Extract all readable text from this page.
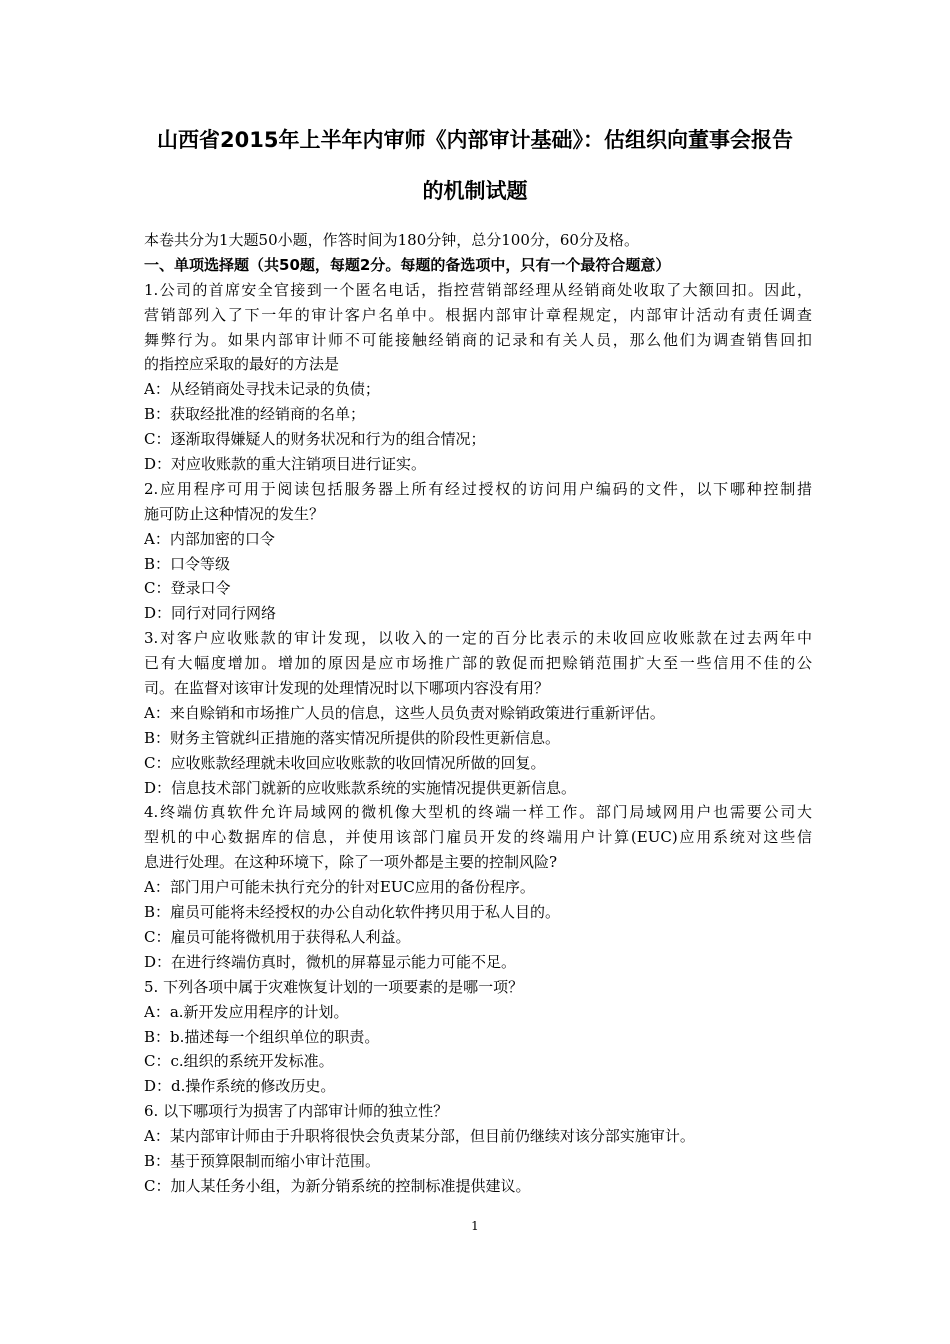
山西省2015年上半年内审师《内部审计基础》：估组织向董事会报告
的机制试题
本卷共分为1大题50小题，作答时间为180分钟，总分100分，60分及格。
一、单项选择题（共50题，每题2分。每题的备选项中，只有一个最符合题意）
1.公司的首席安全官接到一个匿名电话，指控营销部经理从经销商处收取了大额回扣。因此，
营销部列入了下一年的审计客户名单中。根据内部审计章程规定，内部审计活动有责任调查
舞弊行为。如果内部审计师不可能接触经销商的记录和有关人员，那么他们为调查销售回扣
的指控应采取的最好的方法是
A：从经销商处寻找未记录的负债；
B：获取经批准的经销商的名单；
C：逐渐取得嫌疑人的财务状况和行为的组合情况；
D：对应收账款的重大注销项目进行证实。
2.应用程序可用于阅读包括服务器上所有经过授权的访问用户编码的文件，以下哪种控制措
施可防止这种情况的发生？
A：内部加密的口令
B：口令等级
C：登录口令
D：同行对同行网络
3.对客户应收账款的审计发现，以收入的一定的百分比表示的未收回应收账款在过去两年中
已有大幅度增加。增加的原因是应市场推广部的敦促而把赊销范围扩大至一些信用不佳的公
司。在监督对该审计发现的处理情况时以下哪项内容没有用？
A：来自赊销和市场推广人员的信息，这些人员负责对赊销政策进行重新评估。
B：财务主管就纠正措施的落实情况所提供的阶段性更新信息。
C：应收账款经理就未收回应收账款的收回情况所做的回复。
D：信息技术部门就新的应收账款系统的实施情况提供更新信息。
4.终端仿真软件允许局域网的微机像大型机的终端一样工作。部门局域网用户也需要公司大
型机的中心数据库的信息，并使用该部门雇员开发的终端用户计算(EUC)应用系统对这些信
息进行处理。在这种环境下，除了一项外都是主要的控制风险?
A：部门用户可能未执行充分的针对EUC应用的备份程序。
B：雇员可能将未经授权的办公自动化软件拷贝用于私人目的。
C：雇员可能将微机用于获得私人利益。
D：在进行终端仿真时，微机的屏幕显示能力可能不足。
5. 下列各项中属于灾难恢复计划的一项要素的是哪一项？
A：a.新开发应用程序的计划。
B：b.描述每一个组织单位的职责。
C：c.组织的系统开发标准。
D：d.操作系统的修改历史。
6. 以下哪项行为损害了内部审计师的独立性？
A：某内部审计师由于升职将很快会负责某分部，但目前仍继续对该分部实施审计。
B：基于预算限制而缩小审计范围。
C：加人某任务小组，为新分销系统的控制标准提供建议。
1
